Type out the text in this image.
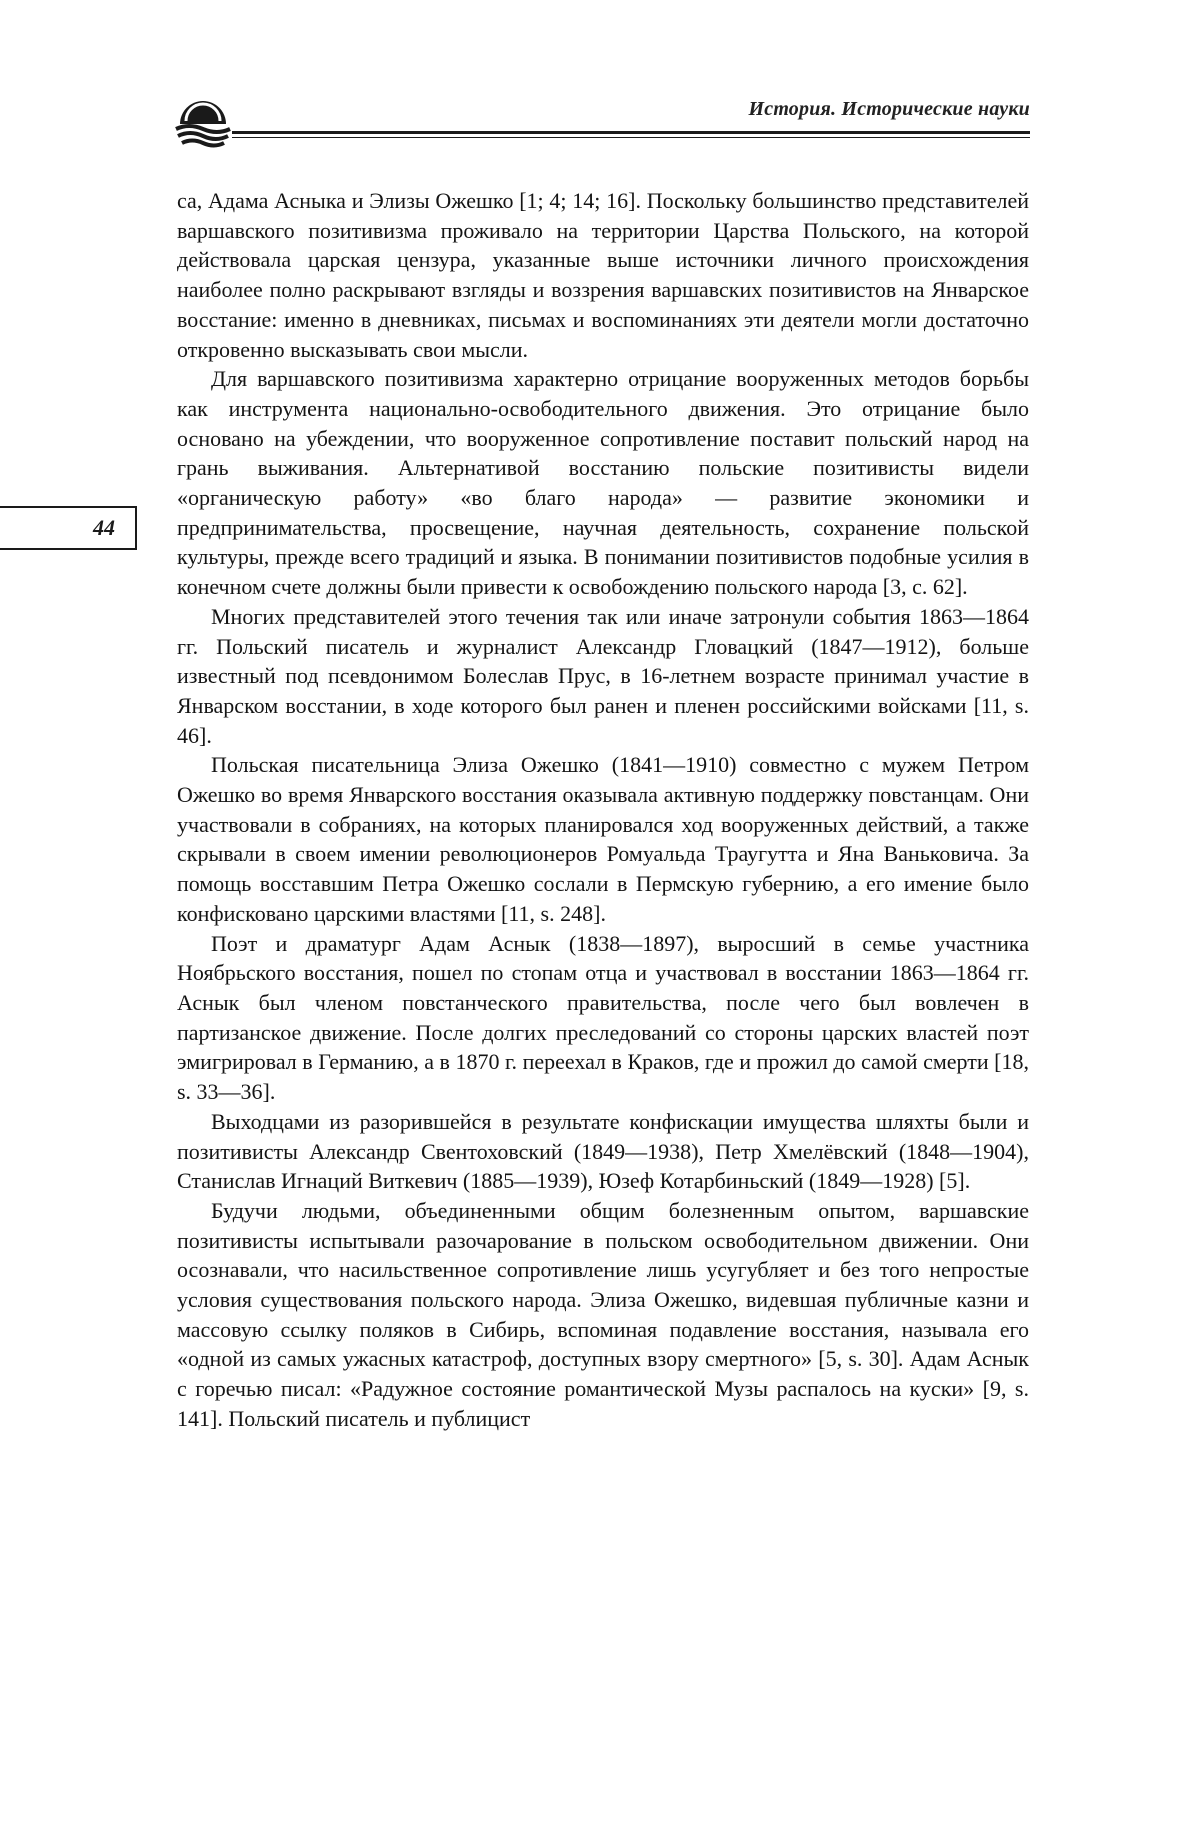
История. Исторические науки
44

са, Адама Асныка и Элизы Ожешко [1; 4; 14; 16]. Поскольку большинство представителей варшавского позитивизма проживало на территории Царства Польского, на которой действовала царская цензура, указанные выше источники личного происхождения наиболее полно раскрывают взгляды и воззрения варшавских позитивистов на Январское восстание: именно в дневниках, письмах и воспоминаниях эти деятели могли достаточно откровенно высказывать свои мысли.

Для варшавского позитивизма характерно отрицание вооруженных методов борьбы как инструмента национально-освободительного движения. Это отрицание было основано на убеждении, что вооруженное сопротивление поставит польский народ на грань выживания. Альтернативой восстанию польские позитивисты видели «органическую работу» «во благо народа» — развитие экономики и предпринимательства, просвещение, научная деятельность, сохранение польской культуры, прежде всего традиций и языка. В понимании позитивистов подобные усилия в конечном счете должны были привести к освобождению польского народа [3, с. 62].

Многих представителей этого течения так или иначе затронули события 1863—1864 гг. Польский писатель и журналист Александр Гловацкий (1847—1912), больше известный под псевдонимом Болеслав Прус, в 16-летнем возрасте принимал участие в Январском восстании, в ходе которого был ранен и пленен российскими войсками [11, s. 46].

Польская писательница Элиза Ожешко (1841—1910) совместно с мужем Петром Ожешко во время Январского восстания оказывала активную поддержку повстанцам. Они участвовали в собраниях, на которых планировался ход вооруженных действий, а также скрывали в своем имении революционеров Ромуальда Траугутта и Яна Ваньковича. За помощь восставшим Петра Ожешко сослали в Пермскую губернию, а его имение было конфисковано царскими властями [11, s. 248].

Поэт и драматург Адам Аснык (1838—1897), выросший в семье участника Ноябрьского восстания, пошел по стопам отца и участвовал в восстании 1863—1864 гг. Аснык был членом повстанческого правительства, после чего был вовлечен в партизанское движение. После долгих преследований со стороны царских властей поэт эмигрировал в Германию, а в 1870 г. переехал в Краков, где и прожил до самой смерти [18, s. 33—36].

Выходцами из разорившейся в результате конфискации имущества шляхты были и позитивисты Александр Свентоховский (1849—1938), Петр Хмелёвский (1848—1904), Станислав Игнаций Виткевич (1885—1939), Юзеф Котарбиньский (1849—1928) [5].

Будучи людьми, объединенными общим болезненным опытом, варшавские позитивисты испытывали разочарование в польском освободительном движении. Они осознавали, что насильственное сопротивление лишь усугубляет и без того непростые условия существования польского народа. Элиза Ожешко, видевшая публичные казни и массовую ссылку поляков в Сибирь, вспоминая подавление восстания, называла его «одной из самых ужасных катастроф, доступных взору смертного» [5, s. 30]. Адам Аснык с горечью писал: «Радужное состояние романтической Музы распалось на куски» [9, s. 141]. Польский писатель и публицист
